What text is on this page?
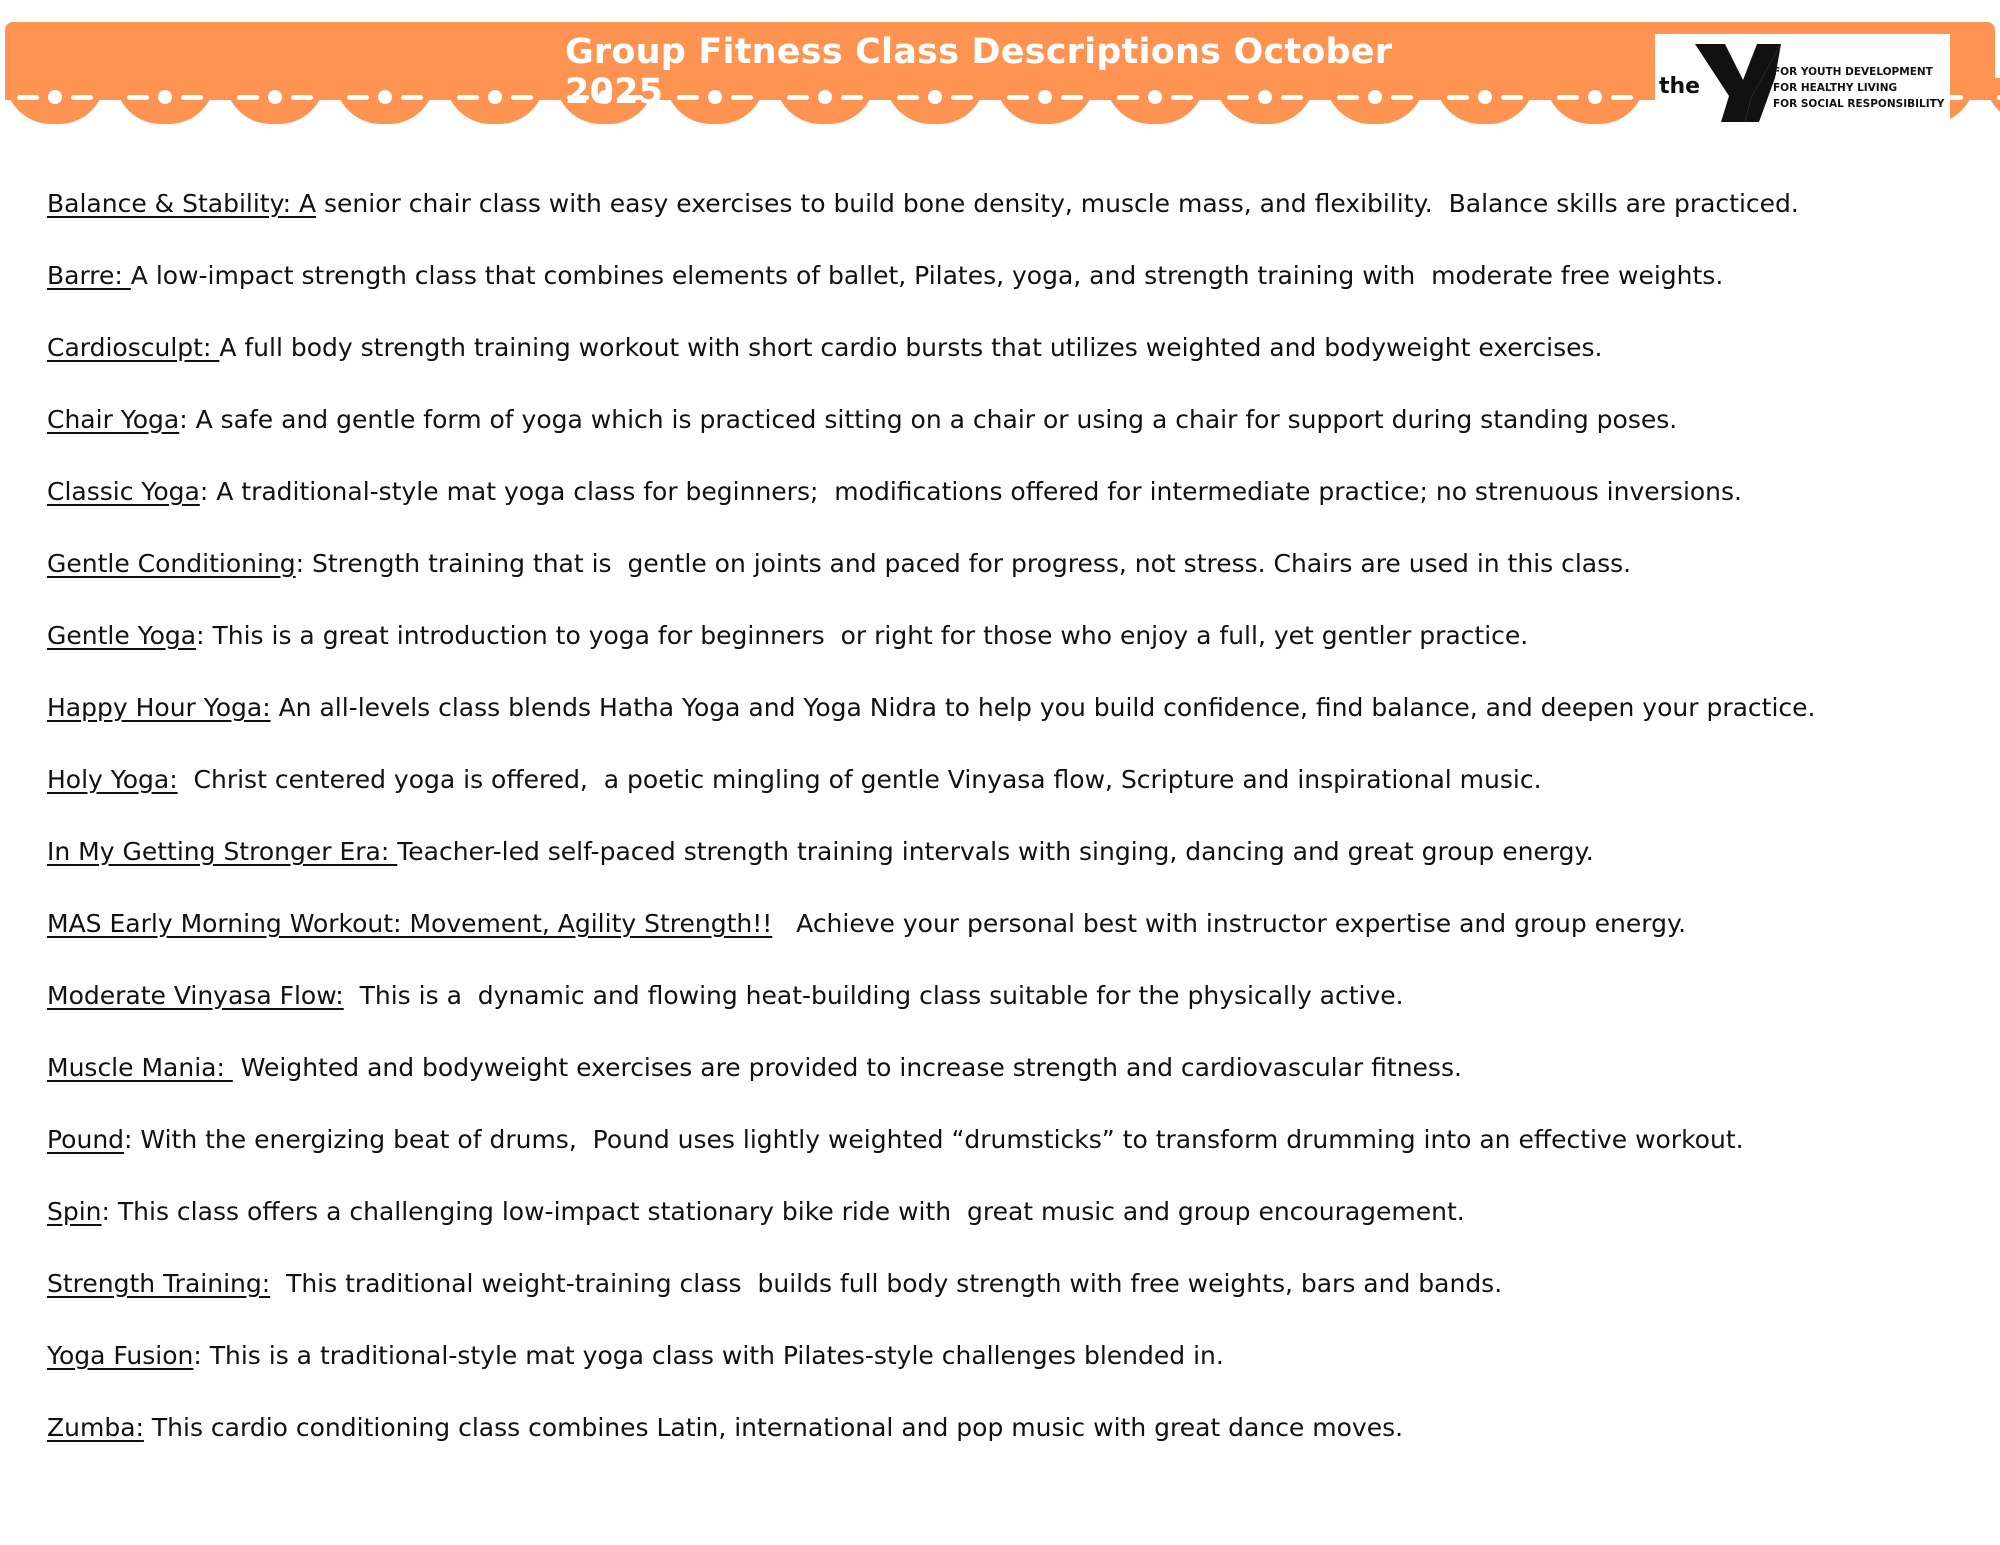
Group Fitness Class Descriptions October 2025	the
YMCA
FOR YOUTH DEVELOPMENT
FOR HEALTHY LIVING
FOR SOCIAL RESPONSIBILITY
Balance & Stability: A senior chair class with easy exercises to build bone density, muscle mass, and flexibility.  Balance skills are practiced.
Barre: A low-impact strength class that combines elements of ballet, Pilates, yoga, and strength training with  moderate free weights.
Cardiosculpt: A full body strength training workout with short cardio bursts that utilizes weighted and bodyweight exercises.
Chair Yoga: A safe and gentle form of yoga which is practiced sitting on a chair or using a chair for support during standing poses.
Classic Yoga: A traditional-style mat yoga class for beginners;  modifications offered for intermediate practice; no strenuous inversions.
Gentle Conditioning: Strength training that is  gentle on joints and paced for progress, not stress. Chairs are used in this class.
Gentle Yoga: This is a great introduction to yoga for beginners  or right for those who enjoy a full, yet gentler practice.
Happy Hour Yoga: An all-levels class blends Hatha Yoga and Yoga Nidra to help you build confidence, find balance, and deepen your practice.
Holy Yoga:  Christ centered yoga is offered,  a poetic mingling of gentle Vinyasa flow, Scripture and inspirational music.
In My Getting Stronger Era: Teacher-led self-paced strength training intervals with singing, dancing and great group energy.
MAS Early Morning Workout: Movement, Agility Strength!!   Achieve your personal best with instructor expertise and group energy.
Moderate Vinyasa Flow:  This is a  dynamic and flowing heat-building class suitable for the physically active.
Muscle Mania:  Weighted and bodyweight exercises are provided to increase strength and cardiovascular fitness.
Pound: With the energizing beat of drums,  Pound uses lightly weighted “drumsticks” to transform drumming into an effective workout.
Spin: This class offers a challenging low-impact stationary bike ride with  great music and group encouragement.
Strength Training:  This traditional weight-training class  builds full body strength with free weights, bars and bands.
Yoga Fusion: This is a traditional-style mat yoga class with Pilates-style challenges blended in.
Zumba: This cardio conditioning class combines Latin, international and pop music with great dance moves.
